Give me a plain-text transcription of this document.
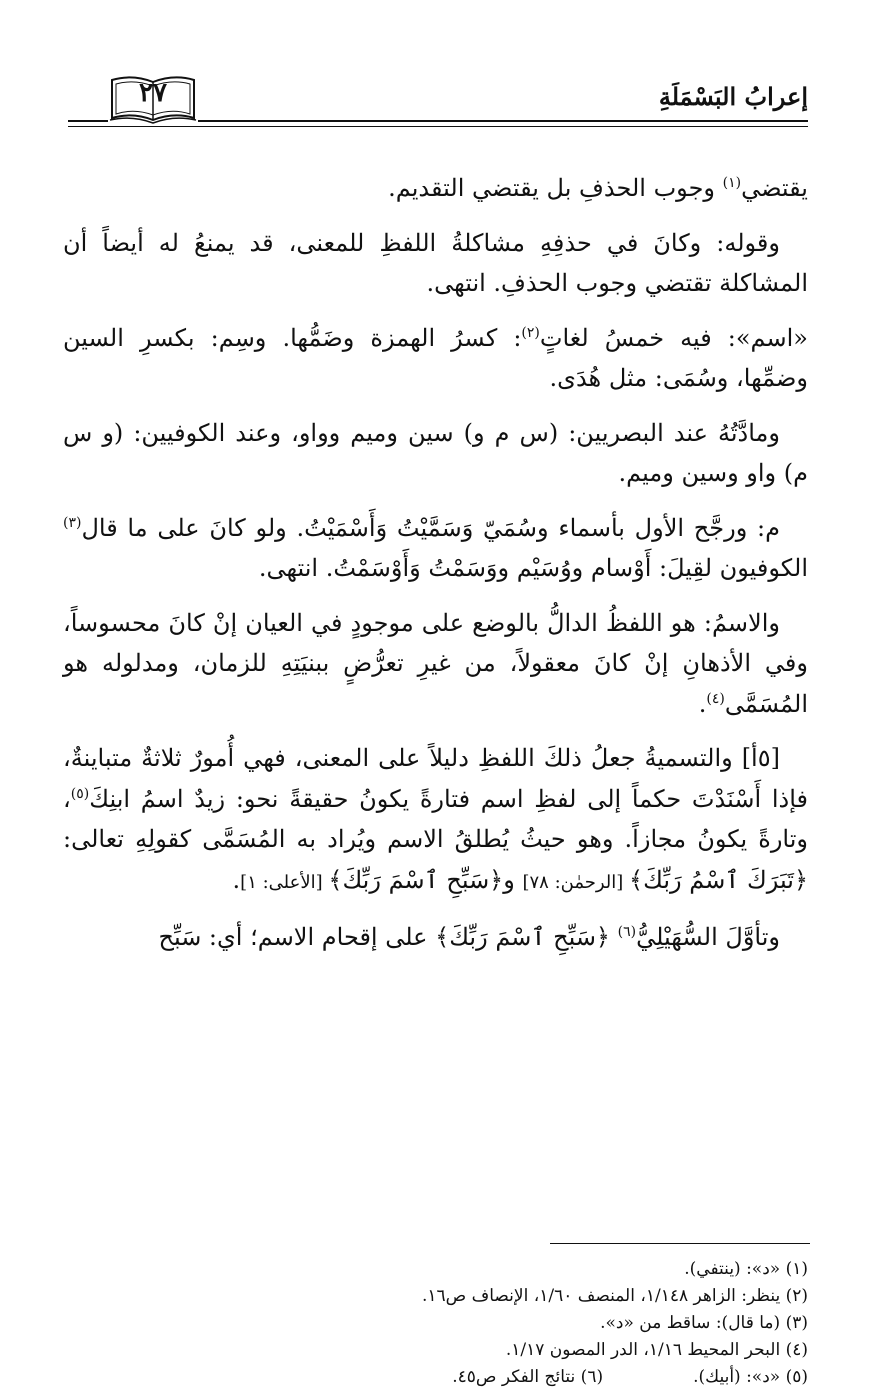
إعرابُ البَسْمَلَةِ
٢٧

يقتضي$^{(١)}$ وجوب الحذفِ بل يقتضي التقديم.

وقوله: وكانَ في حذفِهِ مشاكلةُ اللفظِ للمعنى، قد يمنعُ له أيضاً أن المشاكلة تقتضي وجوب الحذفِ. انتهى.

«اسم»: فيه خمسُ لغاتٍ$^{(٢)}$: كسرُ الهمزة وضَمُّها. وسِم: بكسرِ السين وضمِّها، وسُمَى: مثل هُدَى.

ومادَّتُهُ عند البصريين: (س م و) سين وميم وواو، وعند الكوفيين: (و س م) واو وسين وميم.

م: ورجَّح الأول بأسماء وسُمَيّ وَسَمَّيْتُ وَأَسْمَيْتُ. ولو كانَ على ما قال$^{(٣)}$ الكوفيون لقِيلَ: أَوْسام ووُسَيْم ووَسَمْتُ وَأَوْسَمْتُ. انتهى.

والاسمُ: هو اللفظُ الدالُّ بالوضع على موجودٍ في العيان إنْ كانَ محسوساً، وفي الأذهانِ إنْ كانَ معقولاً، من غيرِ تعرُّضٍ ببنيَتِهِ للزمان، ومدلوله هو المُسَمَّى$^{(٤)}$.

[٥أ] والتسميةُ جعلُ ذلكَ اللفظِ دليلاً على المعنى، فهي أُمورٌ ثلاثةٌ متباينةٌ، فإذا أَسْنَدْتَ حكماً إلى لفظِ اسم فتارةً يكونُ حقيقةً نحو: زيدٌ اسمُ ابنِكَ$^{(٥)}$، وتارةً يكونُ مجازاً. وهو حيثُ يُطلقُ الاسم ويُراد به المُسَمَّى كقولِهِ تعالى: ﴿تَبَرَكَ ٱسْمُ رَبِّكَ﴾ [الرحمٰن: ٧٨] و﴿سَبِّحِ ٱسْمَ رَبِّكَ﴾ [الأعلى: ١].

وتأوَّلَ السُّهَيْلِيُّ$^{(٦)}$ ﴿سَبِّحِ ٱسْمَ رَبِّكَ﴾ على إقحام الاسم؛ أي: سَبِّح

(١) «د»: (ينتفي).
(٢) ينظر: الزاهر ١/١٤٨، المنصف ١/٦٠، الإنصاف ص١٦.
(٣) (ما قال): ساقط من «د».
(٤) البحر المحيط ١/١٦، الدر المصون ١/١٧.
(٥) «د»: (أبيك).
(٦) نتائج الفكر ص٤٥.
